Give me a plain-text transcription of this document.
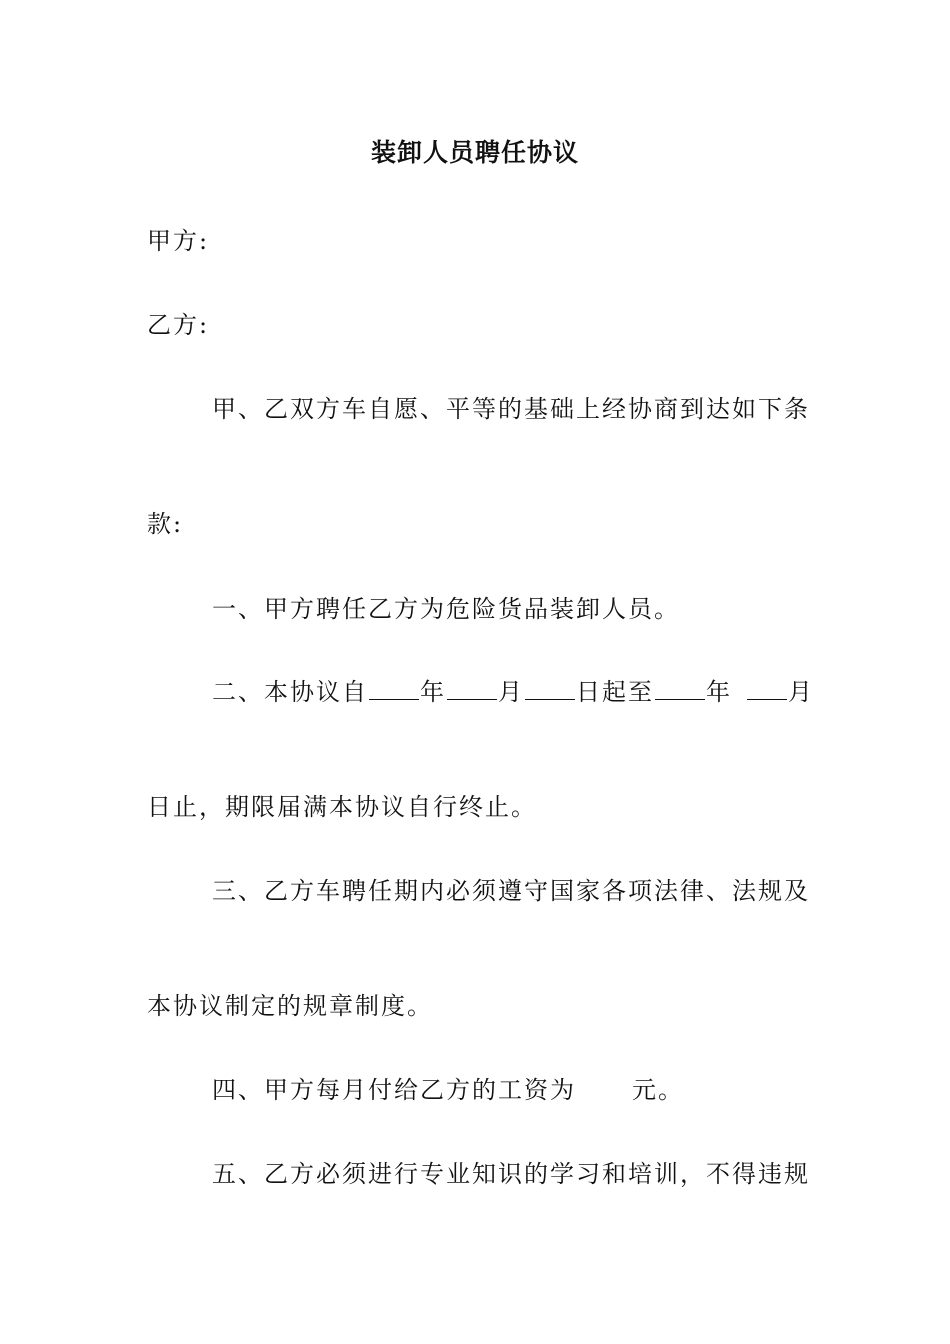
装卸人员聘任协议
甲方:
乙方:
甲、乙双方车自愿、平等的基础上经协商到达如下条
款:
一、甲方聘任乙方为危险货品装卸人员。
二、本协议自 年 月 日起至 年 月
日止，期限届满本协议自行终止。
三、乙方车聘任期内必须遵守国家各项法律、法规及
本协议制定的规章制度。
四、甲方每月付给乙方的工资为 元。
五、乙方必须进行专业知识的学习和培训，不得违规
